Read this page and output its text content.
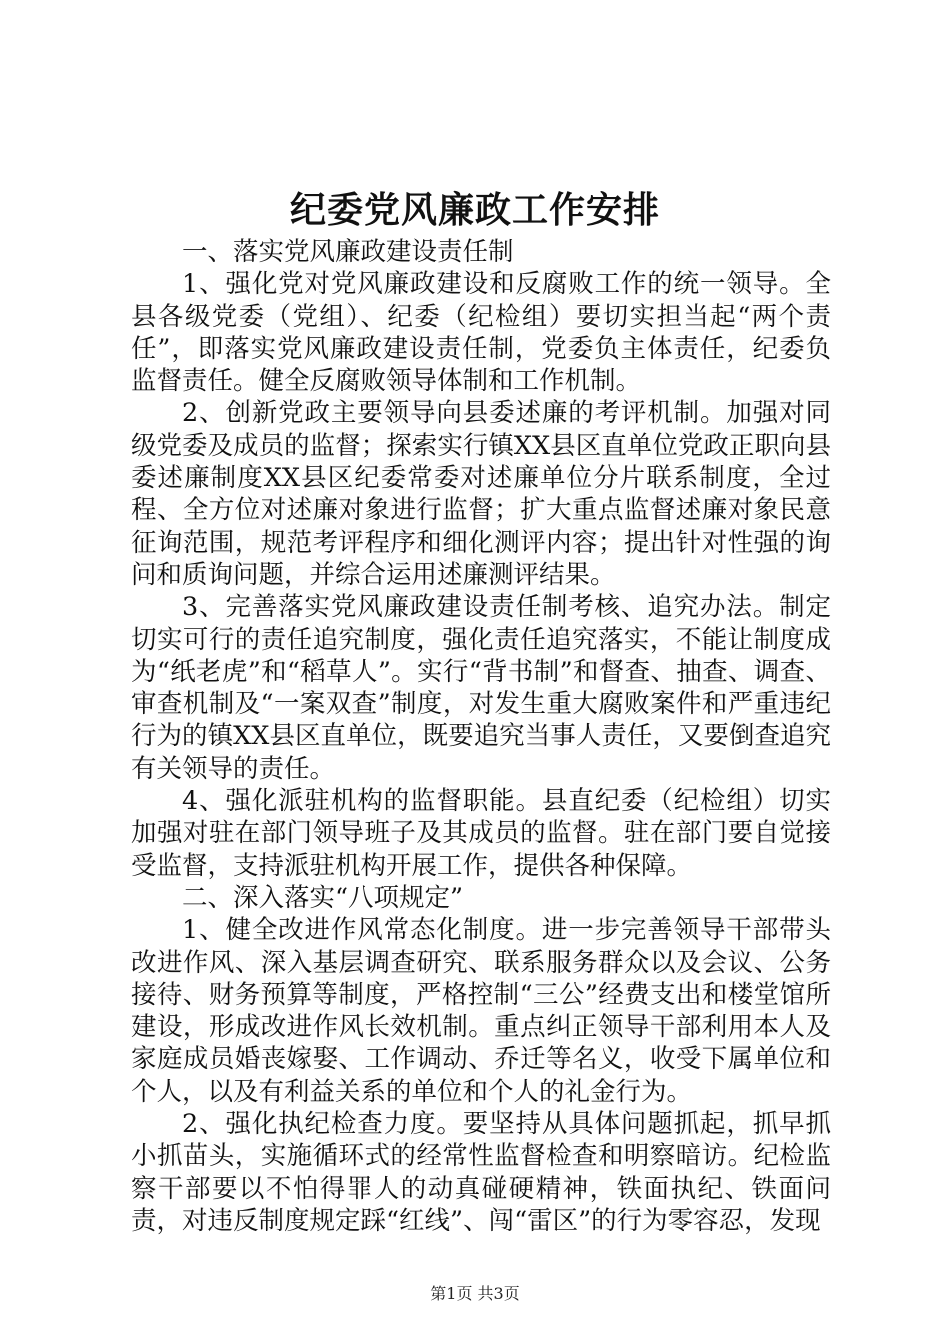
纪委党风廉政工作安排

一、落实党风廉政建设责任制

1、强化党对党风廉政建设和反腐败工作的统一领导。全县各级党委（党组）、纪委（纪检组）要切实担当起“两个责任”，即落实党风廉政建设责任制，党委负主体责任，纪委负监督责任。健全反腐败领导体制和工作机制。

2、创新党政主要领导向县委述廉的考评机制。加强对同级党委及成员的监督；探索实行镇XX县区直单位党政正职向县委述廉制度XX县区纪委常委对述廉单位分片联系制度，全过程、全方位对述廉对象进行监督；扩大重点监督述廉对象民意征询范围，规范考评程序和细化测评内容；提出针对性强的询问和质询问题，并综合运用述廉测评结果。

3、完善落实党风廉政建设责任制考核、追究办法。制定切实可行的责任追究制度，强化责任追究落实，不能让制度成为“纸老虎”和“稻草人”。实行“背书制”和督查、抽查、调查、审查机制及“一案双查”制度，对发生重大腐败案件和严重违纪行为的镇XX县区直单位，既要追究当事人责任，又要倒查追究有关领导的责任。

4、强化派驻机构的监督职能。县直纪委（纪检组）切实加强对驻在部门领导班子及其成员的监督。驻在部门要自觉接受监督，支持派驻机构开展工作，提供各种保障。

二、深入落实“八项规定”

1、健全改进作风常态化制度。进一步完善领导干部带头改进作风、深入基层调查研究、联系服务群众以及会议、公务接待、财务预算等制度，严格控制“三公”经费支出和楼堂馆所建设，形成改进作风长效机制。重点纠正领导干部利用本人及家庭成员婚丧嫁娶、工作调动、乔迁等名义，收受下属单位和个人，以及有利益关系的单位和个人的礼金行为。

2、强化执纪检查力度。要坚持从具体问题抓起，抓早抓小抓苗头，实施循环式的经常性监督检查和明察暗访。纪检监察干部要以不怕得罪人的动真碰硬精神，铁面执纪、铁面问责，对违反制度规定踩“红线”、闯“雷区”的行为零容忍，发现

第1页 共3页
